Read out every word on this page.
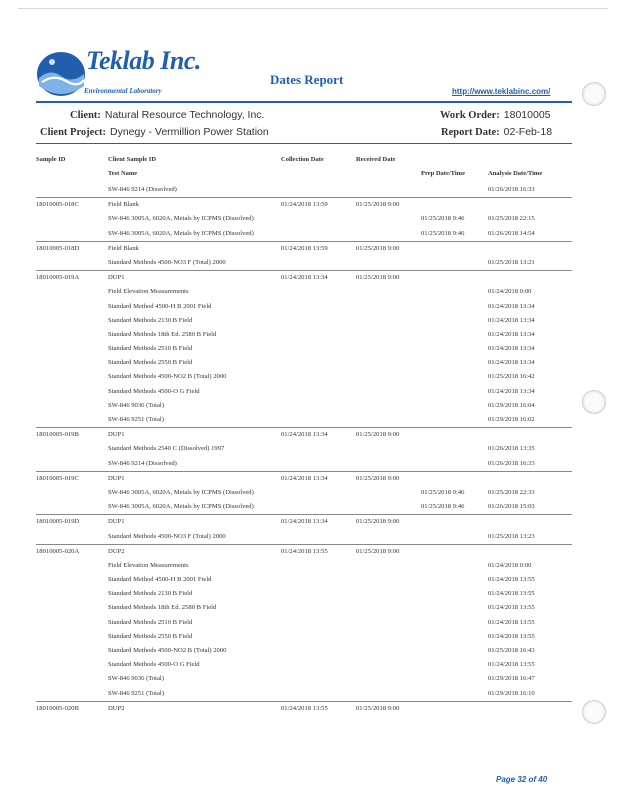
Teklab Inc.
Environmental Laboratory
Dates Report
http://www.teklabinc.com/
Client: Natural Resource Technology, Inc.
Client Project: Dynegy - Vermillion Power Station
Work Order: 18010005
Report Date: 02-Feb-18
Sample ID	Client Sample ID	Collection Date	Received Date
Test Name	Prep Date/Time	Analysis Date/Time
SW-846 9214 (Dissolved)	01/26/2018 16:33
18010005-018C	Field Blank	01/24/2018 13:59	01/25/2018 9:00
SW-846 3005A, 6020A, Metals by ICPMS (Dissolved)	01/25/2018 9:46	01/25/2018 22:15
SW-846 3005A, 6020A, Metals by ICPMS (Dissolved)	01/25/2018 9:46	01/26/2018 14:54
18010005-018D	Field Blank	01/24/2018 13:59	01/25/2018 9:00
Standard Methods 4500-NO3 F (Total) 2000	01/25/2018 13:21
18010005-019A	DUP1	01/24/2018 13:34	01/25/2018 9:00
Field Elevation Measurements	01/24/2018 0:00
Standard Method 4500-H B 2001 Field	01/24/2018 13:34
Standard Methods 2130 B Field	01/24/2018 13:34
Standard Methods 18th Ed. 2580 B Field	01/24/2018 13:34
Standard Methods 2510 B Field	01/24/2018 13:34
Standard Methods 2550 B Field	01/24/2018 13:34
Standard Methods 4500-NO2 B (Total) 2000	01/25/2018 16:42
Standard Methods 4500-O G Field	01/24/2018 13:34
SW-846 9036 (Total)	01/29/2018 16:04
SW-846 9251 (Total)	01/29/2018 16:02
18010005-019B	DUP1	01/24/2018 13:34	01/25/2018 9:00
Standard Methods 2540 C (Dissolved) 1997	01/26/2018 13:35
SW-846 9214 (Dissolved)	01/26/2018 16:33
18010005-019C	DUP1	01/24/2018 13:34	01/25/2018 9:00
SW-846 3005A, 6020A, Metals by ICPMS (Dissolved)	01/25/2018 9:46	01/25/2018 22:33
SW-846 3005A, 6020A, Metals by ICPMS (Dissolved)	01/25/2018 9:46	01/26/2018 15:03
18010005-019D	DUP1	01/24/2018 13:34	01/25/2018 9:00
Standard Methods 4500-NO3 F (Total) 2000	01/25/2018 13:23
18010005-020A	DUP2	01/24/2018 13:55	01/25/2018 9:00
Field Elevation Measurements	01/24/2018 0:00
Standard Method 4500-H B 2001 Field	01/24/2018 13:55
Standard Methods 2130 B Field	01/24/2018 13:55
Standard Methods 18th Ed. 2580 B Field	01/24/2018 13:55
Standard Methods 2510 B Field	01/24/2018 13:55
Standard Methods 2550 B Field	01/24/2018 13:55
Standard Methods 4500-NO2 B (Total) 2000	01/25/2018 16:43
Standard Methods 4500-O G Field	01/24/2018 13:55
SW-846 9036 (Total)	01/29/2018 16:47
SW-846 9251 (Total)	01/29/2018 16:10
18010005-020B	DUP2	01/24/2018 13:55	01/25/2018 9:00
Page 32 of 40
